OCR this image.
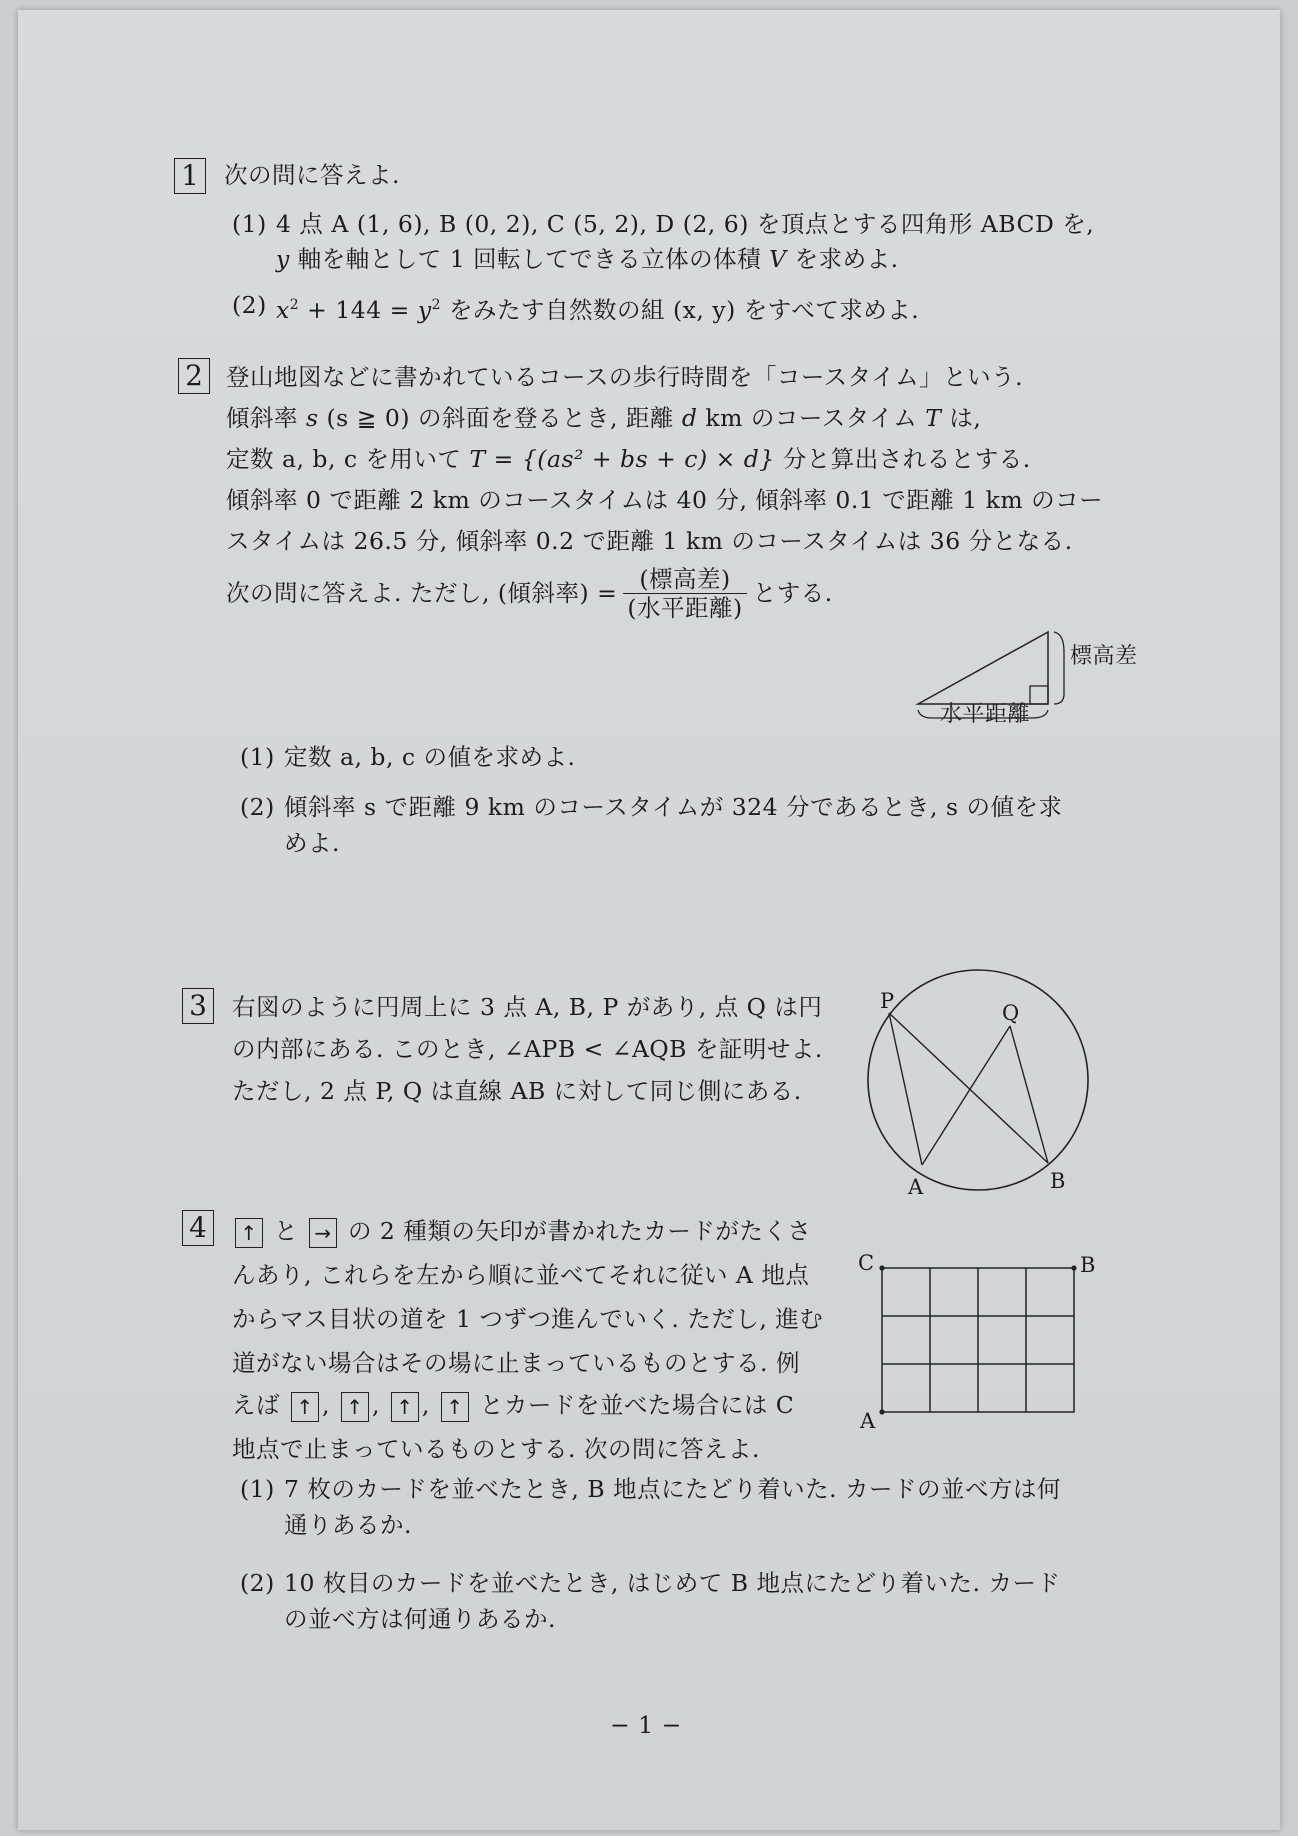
1	次の問に答えよ.
(1) 4 点 A (1, 6), B (0, 2), C (5, 2), D (2, 6) を頂点とする四角形 ABCD を,
y 軸を軸として 1 回転してできる立体の体積 V を求めよ.
(2) $x^2 + 144 = y^2$ をみたす自然数の組 (x, y) をすべて求めよ.
2 登山地図などに書かれているコースの歩行時間を「コースタイム」という.
傾斜率 s (s ≧ 0) の斜面を登るとき, 距離 d km のコースタイム T は,
定数 a, b, c を用いて T = {(as² + bs + c) × d} 分と算出されるとする.
傾斜率 0 で距離 2 km のコースタイムは 40 分, 傾斜率 0.1 で距離 1 km のコー
スタイムは 26.5 分, 傾斜率 0.2 で距離 1 km のコースタイムは 36 分となる.
次の問に答えよ. ただし, (傾斜率) = $\frac{\text{(標高差)}}{\text{(水平距離)}}$ とする.
標高差
水平距離
(1) 定数 a, b, c の値を求めよ.
(2) 傾斜率 s で距離 9 km のコースタイムが 324 分であるとき, s の値を求
めよ.
3	右図のように円周上に 3 点 A, B, P があり, 点 Q は円
の内部にある. このとき, ∠APB < ∠AQB を証明せよ.
ただし, 2 点 P, Q は直線 AB に対して同じ側にある.
P	Q
A	B
4	↑ と → の 2 種類の矢印が書かれたカードがたくさ
んあり, これらを左から順に並べてそれに従い A 地点
からマス目状の道を 1 つずつ進んでいく. ただし, 進む
道がない場合はその場に止まっているものとする. 例
えば ↑ , ↑ , ↑ , ↑ とカードを並べた場合には C
地点で止まっているものとする. 次の問に答えよ.
C	B
A
(1) 7 枚のカードを並べたとき, B 地点にたどり着いた. カードの並べ方は何
通りあるか.
(2) 10 枚目のカードを並べたとき, はじめて B 地点にたどり着いた. カード
の並べ方は何通りあるか.
− 1 −
